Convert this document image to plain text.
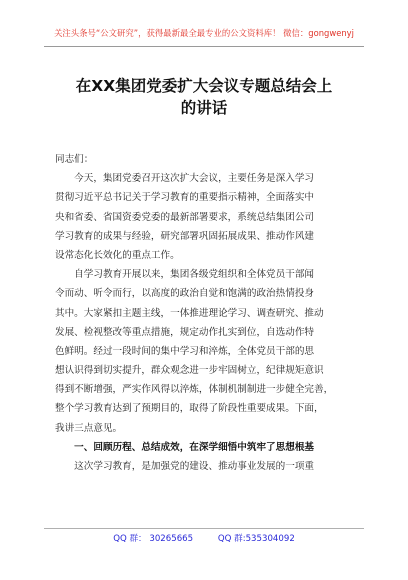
关注头条号“公文研究”，获得最新最全最专业的公文资料库！ 微信：gongwenyj
在XX集团党委扩大会议专题总结会上
的讲话
同志们：
　　今天，集团党委召开这次扩大会议，主要任务是深入学习
贯彻习近平总书记关于学习教育的重要指示精神，全面落实中
央和省委、省国资委党委的最新部署要求，系统总结集团公司
学习教育的成果与经验，研究部署巩固拓展成果、推动作风建
设常态化长效化的重点工作。
　　自学习教育开展以来，集团各级党组织和全体党员干部闻
令而动、听令而行，以高度的政治自觉和饱满的政治热情投身
其中。大家紧扣主题主线，一体推进理论学习、调查研究、推动
发展、检视整改等重点措施，规定动作扎实到位，自选动作特
色鲜明。经过一段时间的集中学习和淬炼，全体党员干部的思
想认识得到切实提升，群众观念进一步牢固树立，纪律规矩意识
得到不断增强，严实作风得以淬炼，体制机制制进一步健全完善，
整个学习教育达到了预期目的，取得了阶段性重要成果。下面，
我讲三点意见。
　　一、回顾历程、总结成效，在深学细悟中筑牢了思想根基
　　这次学习教育，是加强党的建设、推动事业发展的一项重
QQ 群： 30265665	QQ 群:535304092
